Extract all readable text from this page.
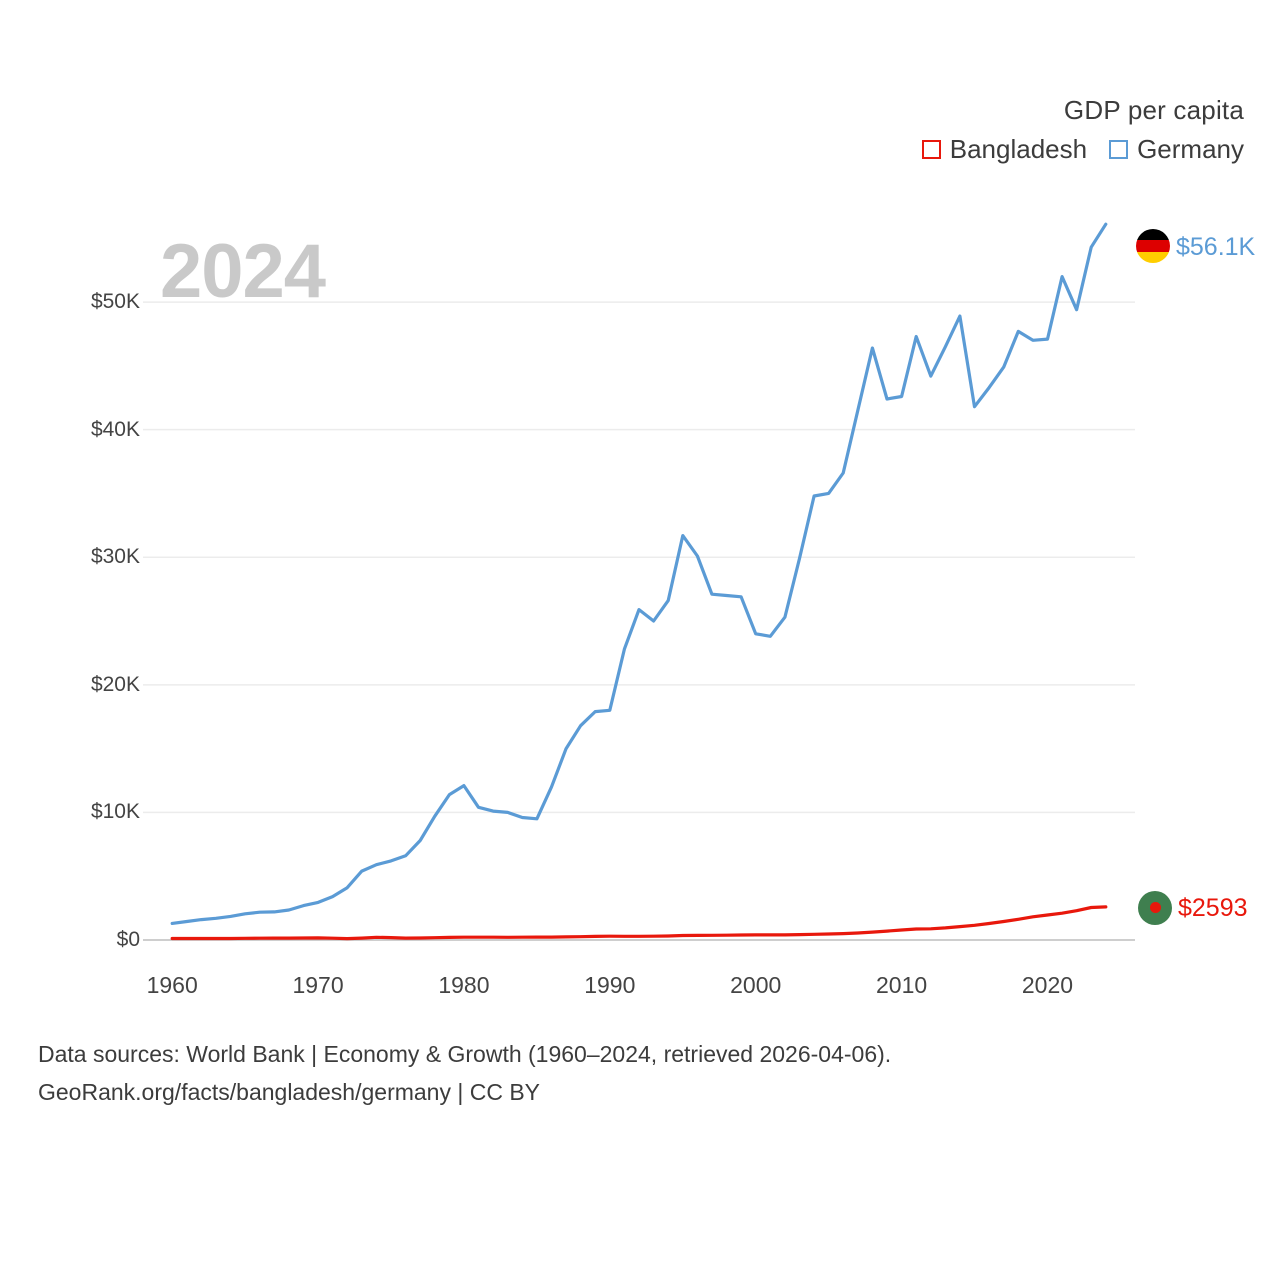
GDP per capita
Bangladesh Germany
2024
$0
$10K
$20K
$30K
$40K
$50K
1960	1970	1980	1990	2000	2010	2020
$56.1K
$2593
Data sources: World Bank | Economy & Growth (1960–2024, retrieved 2026-04-06).
GeoRank.org/facts/bangladesh/germany | CC BY
